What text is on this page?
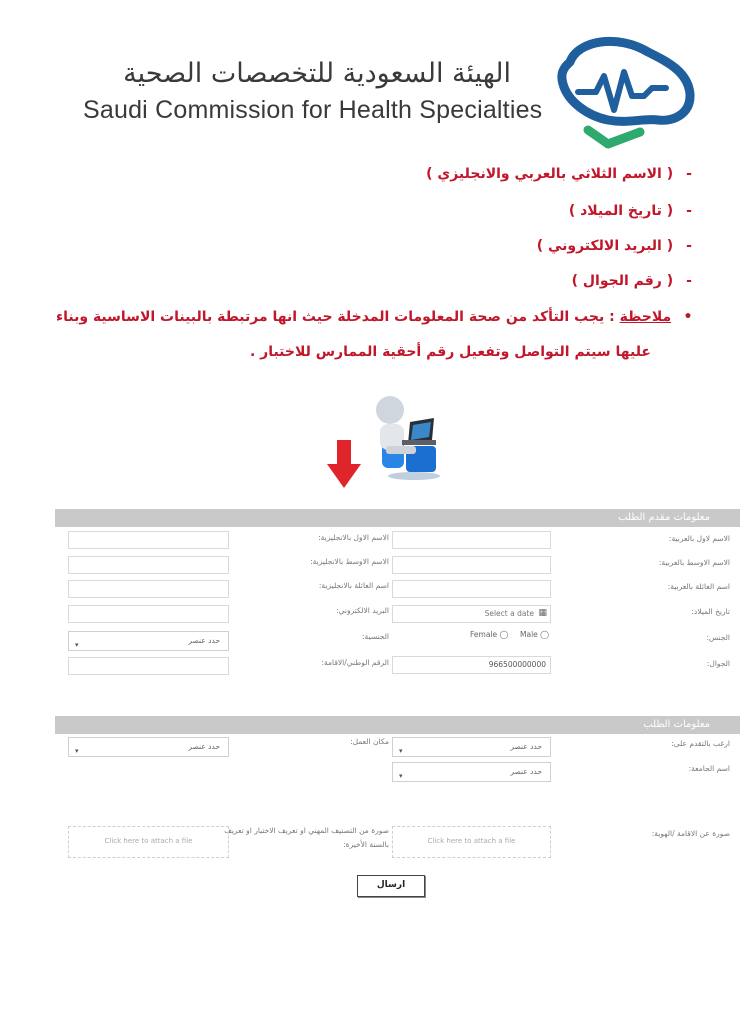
الهيئة السعودية للتخصصات الصحية
Saudi Commission for Health Specialties
- ( الاسم الثلاثي بالعربي والانجليزي )
- ( تاريخ الميلاد )
- ( البريد الالكتروني )
- ( رقم الجوال )
• ملاحظة : يجب التأكد من صحة المعلومات المدخلة حيث انها مرتبطة بالبينات الاساسية وبناء
عليها سيتم التواصل وتفعيل رقم أحقية الممارس للاختبار .
معلومات مقدم الطلب
الاسم لاول بالعربية:
الاسم الاوسط بالعربية:
اسم العائلة بالعربية:
تاريخ الميلاد:
الجنس:
الجوال:
Select a date ▦
Female ◯ Male ◯
966500000000
الاسم الاول بالانجليزية:
الاسم الاوسط بالانجليزية:
اسم العائلة بالانجليزية:
البريد الالكتروني:
الجنسية:
الرقم الوطني/الاقامة:
حدد عنصر
▾
معلومات الطلب
ارغب بالتقدم على:
اسم الجامعة:
صورة عن الاقامة /الهوية:
حدد عنصر
▾
حدد عنصر
▾
Click here to attach a file
مكان العمل:
صورة من التصنيف المهني او تعريف الاختبار او تعريف
بالسنة الأخيرة:
حدد عنصر
▾
Click here to attach a file
ارسال
